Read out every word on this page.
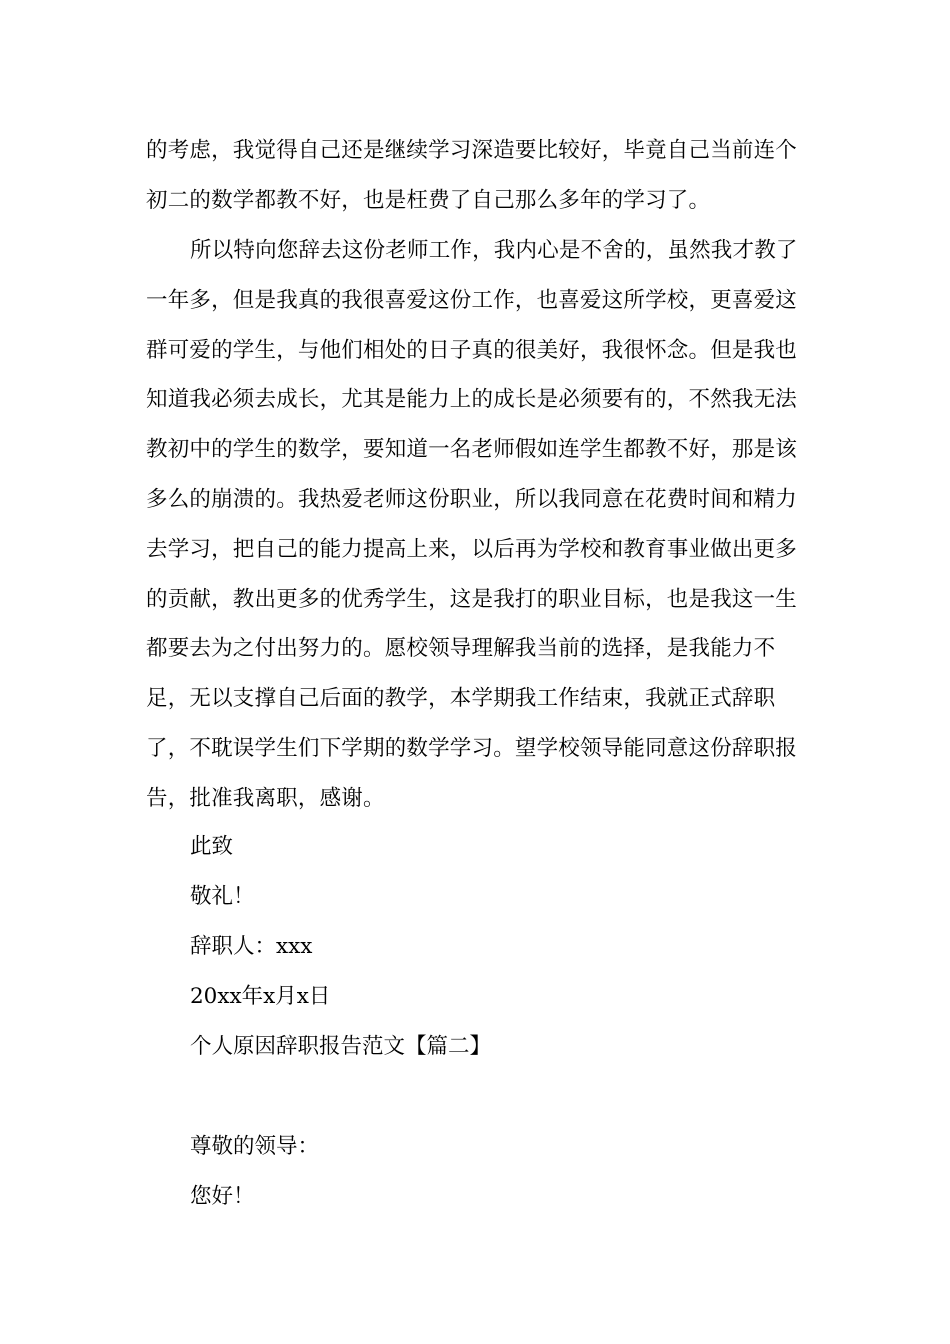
的考虑，我觉得自己还是继续学习深造要比较好，毕竟自己当前连个初二的数学都教不好，也是枉费了自己那么多年的学习了。

所以特向您辞去这份老师工作，我内心是不舍的，虽然我才教了一年多，但是我真的我很喜爱这份工作，也喜爱这所学校，更喜爱这群可爱的学生，与他们相处的日子真的很美好，我很怀念。但是我也知道我必须去成长，尤其是能力上的成长是必须要有的，不然我无法教初中的学生的数学，要知道一名老师假如连学生都教不好，那是该多么的崩溃的。我热爱老师这份职业，所以我同意在花费时间和精力去学习，把自己的能力提高上来，以后再为学校和教育事业做出更多的贡献，教出更多的优秀学生，这是我打的职业目标，也是我这一生都要去为之付出努力的。愿校领导理解我当前的选择，是我能力不足，无以支撑自己后面的教学，本学期我工作结束，我就正式辞职了，不耽误学生们下学期的数学学习。望学校领导能同意这份辞职报告，批准我离职，感谢。

此致

敬礼！

辞职人：xxx

20xx年x月x日

个人原因辞职报告范文【篇二】

尊敬的领导：

您好！
